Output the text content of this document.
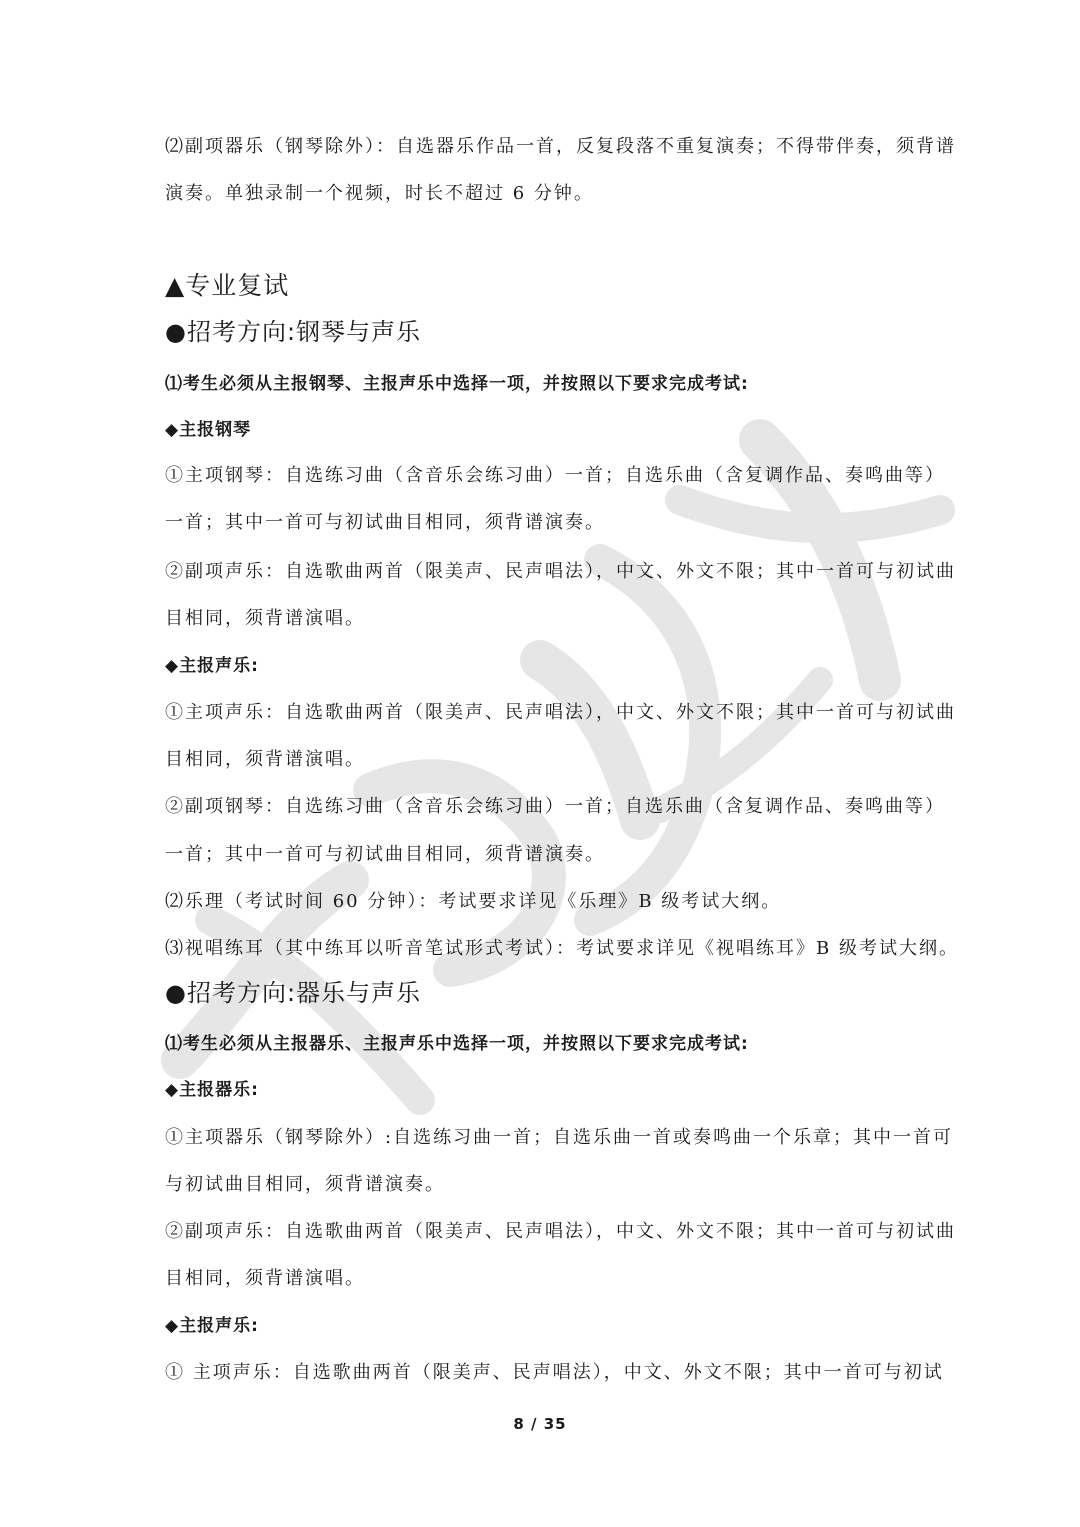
⑵副项器乐（钢琴除外）：自选器乐作品一首，反复段落不重复演奏；不得带伴奏，须背谱
演奏。单独录制一个视频，时长不超过 6 分钟。
▲专业复试
●招考方向:钢琴与声乐
⑴考生必须从主报钢琴、主报声乐中选择一项，并按照以下要求完成考试:
◆主报钢琴
①主项钢琴：自选练习曲（含音乐会练习曲）一首；自选乐曲（含复调作品、奏鸣曲等）
一首；其中一首可与初试曲目相同，须背谱演奏。
②副项声乐：自选歌曲两首（限美声、民声唱法），中文、外文不限；其中一首可与初试曲
目相同，须背谱演唱。
◆主报声乐:
①主项声乐：自选歌曲两首（限美声、民声唱法），中文、外文不限；其中一首可与初试曲
目相同，须背谱演唱。
②副项钢琴：自选练习曲（含音乐会练习曲）一首；自选乐曲（含复调作品、奏鸣曲等）
一首；其中一首可与初试曲目相同，须背谱演奏。
⑵乐理（考试时间 60 分钟）：考试要求详见《乐理》B 级考试大纲。
⑶视唱练耳（其中练耳以听音笔试形式考试）：考试要求详见《视唱练耳》B 级考试大纲。
●招考方向:器乐与声乐
⑴考生必须从主报器乐、主报声乐中选择一项，并按照以下要求完成考试:
◆主报器乐:
①主项器乐（钢琴除外）:自选练习曲一首；自选乐曲一首或奏鸣曲一个乐章；其中一首可
与初试曲目相同，须背谱演奏。
②副项声乐：自选歌曲两首（限美声、民声唱法），中文、外文不限；其中一首可与初试曲
目相同，须背谱演唱。
◆主报声乐:
① 主项声乐：自选歌曲两首（限美声、民声唱法），中文、外文不限；其中一首可与初试
8 / 35
